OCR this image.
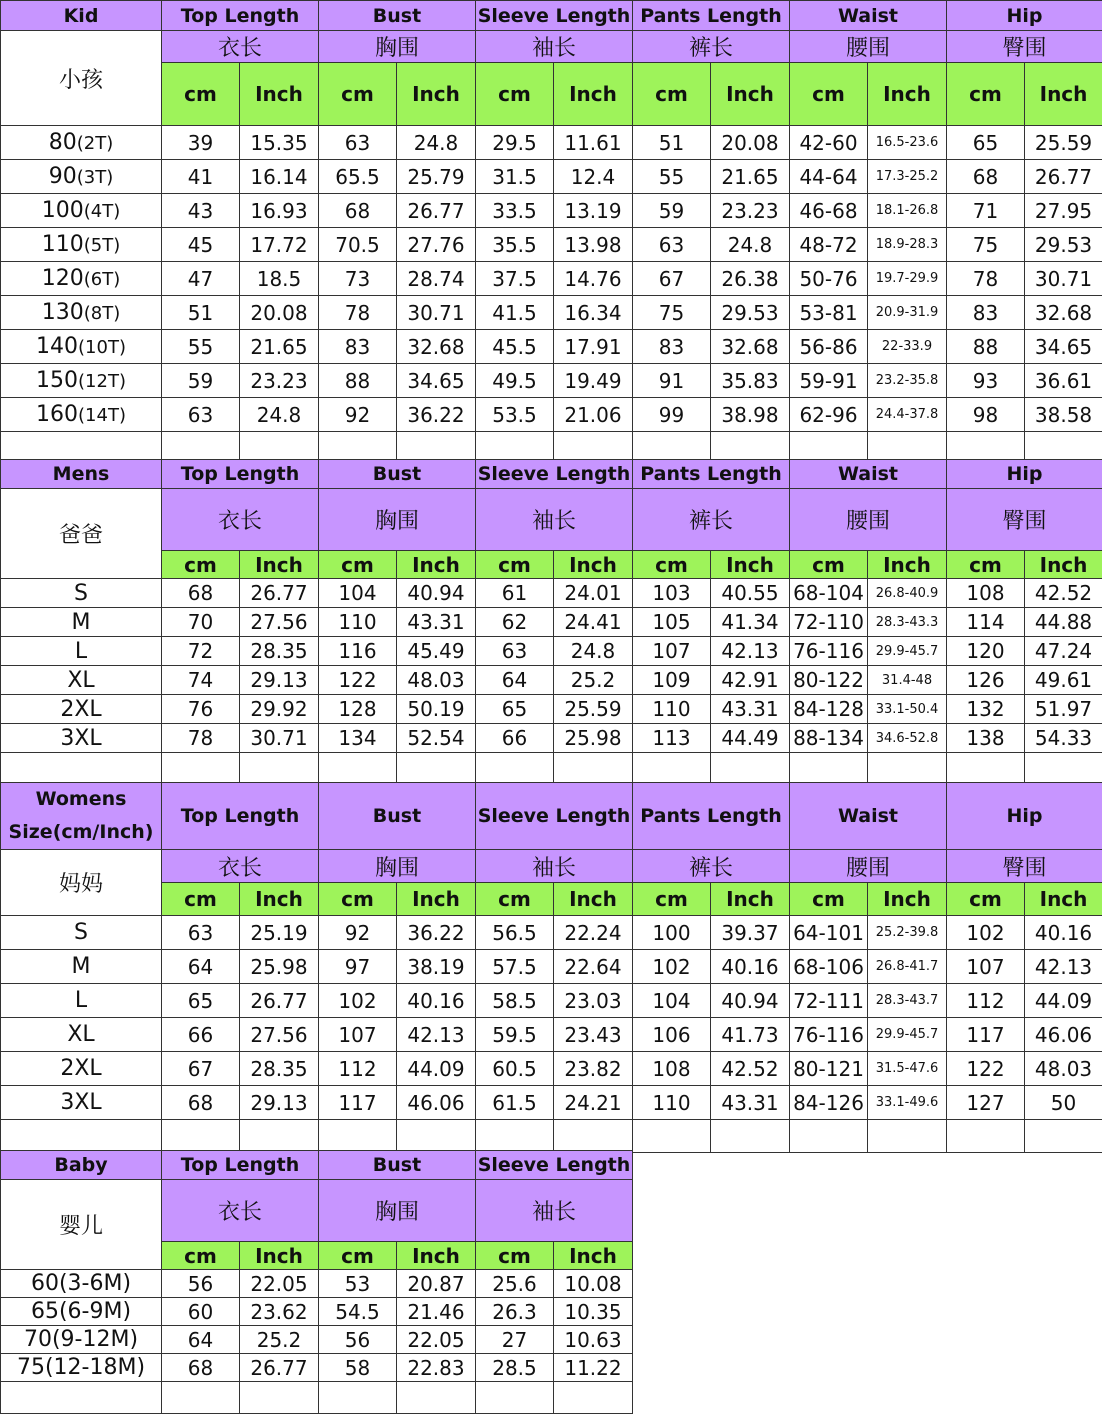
Kid	Top Length		Bust		Sleeve Length		Pants Length		Waist		Hip	
小孩	衣长		胸围		袖长		裤长		腰围		臀围	
	cm	Inch	cm	Inch	cm	Inch	cm	Inch	cm	Inch	cm	Inch
80(2T)	39	15.35	63	24.8	29.5	11.61	51	20.08	42-60	16.5-23.6	65	25.59
90(3T)	41	16.14	65.5	25.79	31.5	12.4	55	21.65	44-64	17.3-25.2	68	26.77
100(4T)	43	16.93	68	26.77	33.5	13.19	59	23.23	46-68	18.1-26.8	71	27.95
110(5T)	45	17.72	70.5	27.76	35.5	13.98	63	24.8	48-72	18.9-28.3	75	29.53
120(6T)	47	18.5	73	28.74	37.5	14.76	67	26.38	50-76	19.7-29.9	78	30.71
130(8T)	51	20.08	78	30.71	41.5	16.34	75	29.53	53-81	20.9-31.9	83	32.68
140(10T)	55	21.65	83	32.68	45.5	17.91	83	32.68	56-86	22-33.9	88	34.65
150(12T)	59	23.23	88	34.65	49.5	19.49	91	35.83	59-91	23.2-35.8	93	36.61
160(14T)	63	24.8	92	36.22	53.5	21.06	99	38.98	62-96	24.4-37.8	98	38.58

Mens	Top Length		Bust		Sleeve Length		Pants Length		Waist		Hip	
爸爸	衣长		胸围		袖长		裤长		腰围		臀围	
	cm	Inch	cm	Inch	cm	Inch	cm	Inch	cm	Inch	cm	Inch
S	68	26.77	104	40.94	61	24.01	103	40.55	68-104	26.8-40.9	108	42.52
M	70	27.56	110	43.31	62	24.41	105	41.34	72-110	28.3-43.3	114	44.88
L	72	28.35	116	45.49	63	24.8	107	42.13	76-116	29.9-45.7	120	47.24
XL	74	29.13	122	48.03	64	25.2	109	42.91	80-122	31.4-48	126	49.61
2XL	76	29.92	128	50.19	65	25.59	110	43.31	84-128	33.1-50.4	132	51.97
3XL	78	30.71	134	52.54	66	25.98	113	44.49	88-134	34.6-52.8	138	54.33

Womens
Size(cm/Inch)	Top Length		Bust		Sleeve Length		Pants Length		Waist		Hip	
妈妈	衣长		胸围		袖长		裤长		腰围		臀围	
	cm	Inch	cm	Inch	cm	Inch	cm	Inch	cm	Inch	cm	Inch
S	63	25.19	92	36.22	56.5	22.24	100	39.37	64-101	25.2-39.8	102	40.16
M	64	25.98	97	38.19	57.5	22.64	102	40.16	68-106	26.8-41.7	107	42.13
L	65	26.77	102	40.16	58.5	23.03	104	40.94	72-111	28.3-43.7	112	44.09
XL	66	27.56	107	42.13	59.5	23.43	106	41.73	76-116	29.9-45.7	117	46.06
2XL	67	28.35	112	44.09	60.5	23.82	108	42.52	80-121	31.5-47.6	122	48.03
3XL	68	29.13	117	46.06	61.5	24.21	110	43.31	84-126	33.1-49.6	127	50

Baby	Top Length		Bust		Sleeve Length	
婴儿	衣长		胸围		袖长	
	cm	Inch	cm	Inch	cm	Inch
60(3-6M)	56	22.05	53	20.87	25.6	10.08
65(6-9M)	60	23.62	54.5	21.46	26.3	10.35
70(9-12M)	64	25.2	56	22.05	27	10.63
75(12-18M)	68	26.77	58	22.83	28.5	11.22
